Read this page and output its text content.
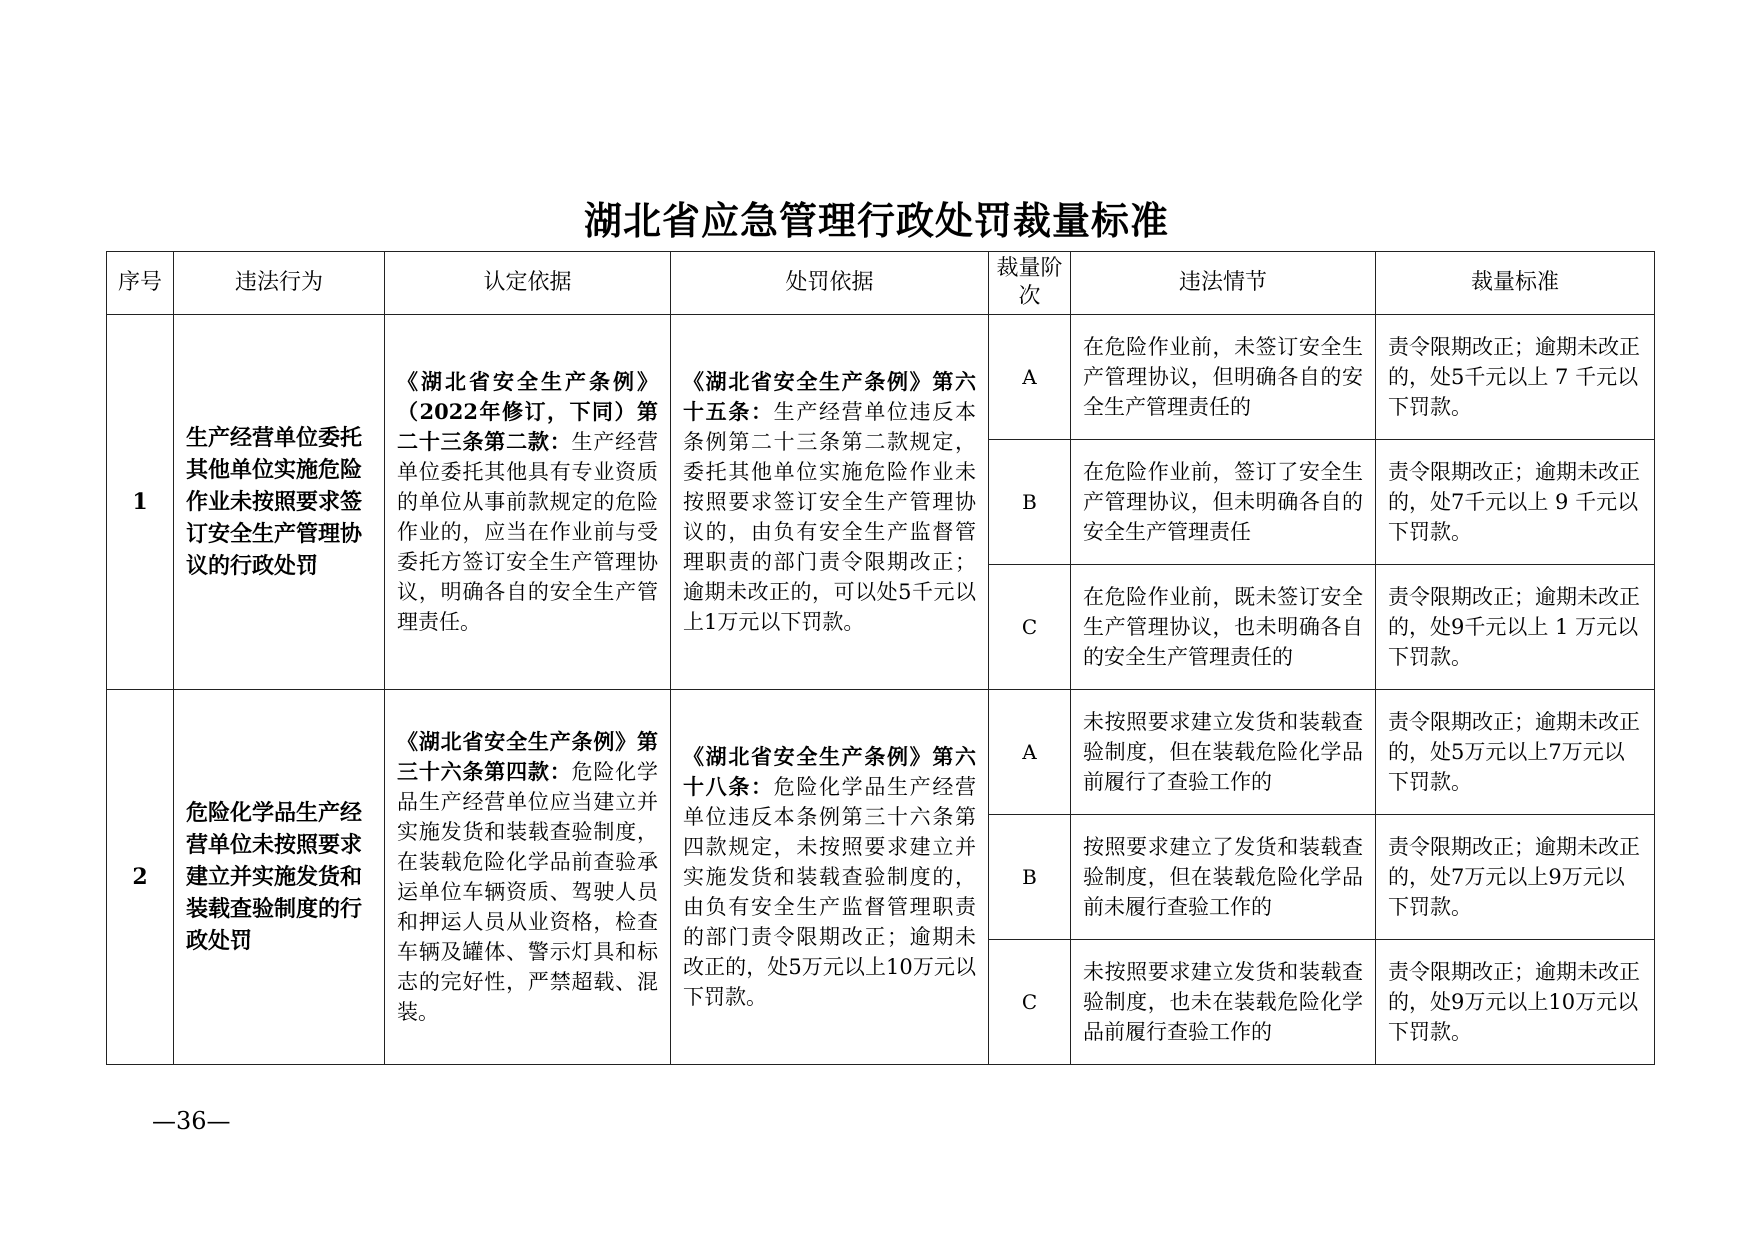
湖北省应急管理行政处罚裁量标准
序号	违法行为	认定依据	处罚依据	裁量阶次	违法情节	裁量标准
1	生产经营单位委托其他单位实施危险作业未按照要求签订安全生产管理协议的行政处罚	《湖北省安全生产条例》（2022年修订，下同）第二十三条第二款：生产经营单位委托其他具有专业资质的单位从事前款规定的危险作业的，应当在作业前与受委托方签订安全生产管理协议，明确各自的安全生产管理责任。	《湖北省安全生产条例》第六十五条：生产经营单位违反本条例第二十三条第二款规定，委托其他单位实施危险作业未按照要求签订安全生产管理协议的，由负有安全生产监督管理职责的部门责令限期改正；逾期未改正的，可以处5千元以上1万元以下罚款。	A	在危险作业前，未签订安全生产管理协议，但明确各自的安全生产管理责任的	责令限期改正；逾期未改正的，处5千元以上 7 千元以下罚款。
				B	在危险作业前，签订了安全生产管理协议，但未明确各自的安全生产管理责任	责令限期改正；逾期未改正的，处7千元以上 9 千元以下罚款。
				C	在危险作业前，既未签订安全生产管理协议，也未明确各自的安全生产管理责任的	责令限期改正；逾期未改正的，处9千元以上 1 万元以下罚款。
2	危险化学品生产经营单位未按照要求建立并实施发货和装载查验制度的行政处罚	《湖北省安全生产条例》第三十六条第四款：危险化学品生产经营单位应当建立并实施发货和装载查验制度，在装载危险化学品前查验承运单位车辆资质、驾驶人员和押运人员从业资格，检查车辆及罐体、警示灯具和标志的完好性，严禁超载、混装。	《湖北省安全生产条例》第六十八条：危险化学品生产经营单位违反本条例第三十六条第四款规定，未按照要求建立并实施发货和装载查验制度的，由负有安全生产监督管理职责的部门责令限期改正；逾期未改正的，处5万元以上10万元以下罚款。	A	未按照要求建立发货和装载查验制度，但在装载危险化学品前履行了查验工作的	责令限期改正；逾期未改正的，处5万元以上7万元以下罚款。
				B	按照要求建立了发货和装载查验制度，但在装载危险化学品前未履行查验工作的	责令限期改正；逾期未改正的，处7万元以上9万元以下罚款。
				C	未按照要求建立发货和装载查验制度，也未在装载危险化学品前履行查验工作的	责令限期改正；逾期未改正的，处9万元以上10万元以下罚款。
—36—
